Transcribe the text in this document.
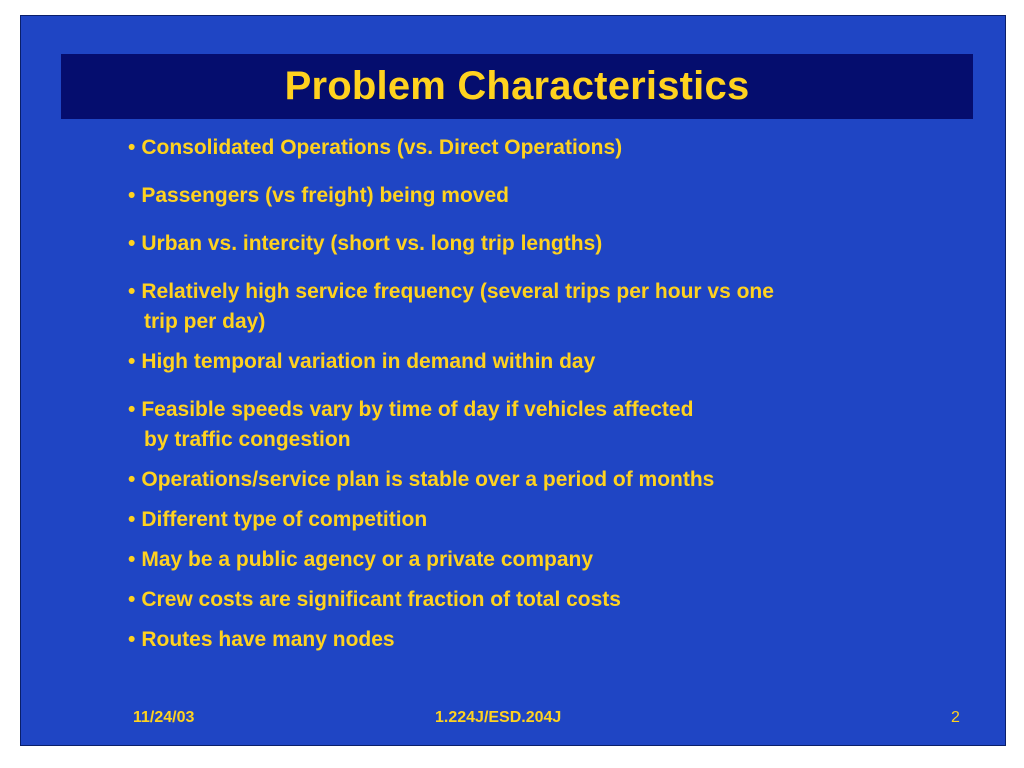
Problem Characteristics
• Consolidated Operations (vs. Direct Operations)
• Passengers (vs freight) being moved
• Urban vs. intercity (short vs. long trip lengths)
• Relatively high service frequency (several trips per hour vs one
trip per day)
• High temporal variation in demand within day
• Feasible speeds vary by time of day if vehicles affected
by traffic congestion
• Operations/service plan is stable over a period of months
• Different type of competition
• May be a public agency or a private company
• Crew costs are significant fraction of total costs
• Routes have many nodes
11/24/03	1.224J/ESD.204J	2
